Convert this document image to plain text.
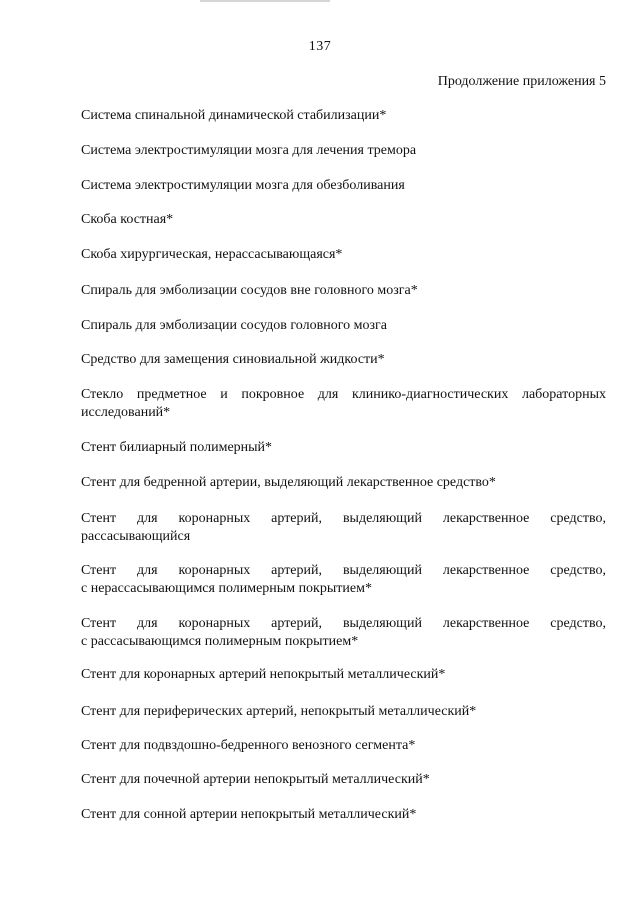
137
Продолжение приложения 5
Система спинальной динамической стабилизации*
Система электростимуляции мозга для лечения тремора
Система электростимуляции мозга для обезболивания
Скоба костная*
Скоба хирургическая, нерассасывающаяся*
Спираль для эмболизации сосудов вне головного мозга*
Спираль для эмболизации сосудов головного мозга
Средство для замещения синовиальной жидкости*
Стекло предметное и покровное для клинико-диагностических лабораторных
исследований*
Стент билиарный полимерный*
Стент для бедренной артерии, выделяющий лекарственное средство*
Стент для коронарных артерий, выделяющий лекарственное средство,
рассасывающийся
Стент для коронарных артерий, выделяющий лекарственное средство,
с нерассасывающимся полимерным покрытием*
Стент для коронарных артерий, выделяющий лекарственное средство,
с рассасывающимся полимерным покрытием*
Стент для коронарных артерий непокрытый металлический*
Стент для периферических артерий, непокрытый металлический*
Стент для подвздошно-бедренного венозного сегмента*
Стент для почечной артерии непокрытый металлический*
Стент для сонной артерии непокрытый металлический*
